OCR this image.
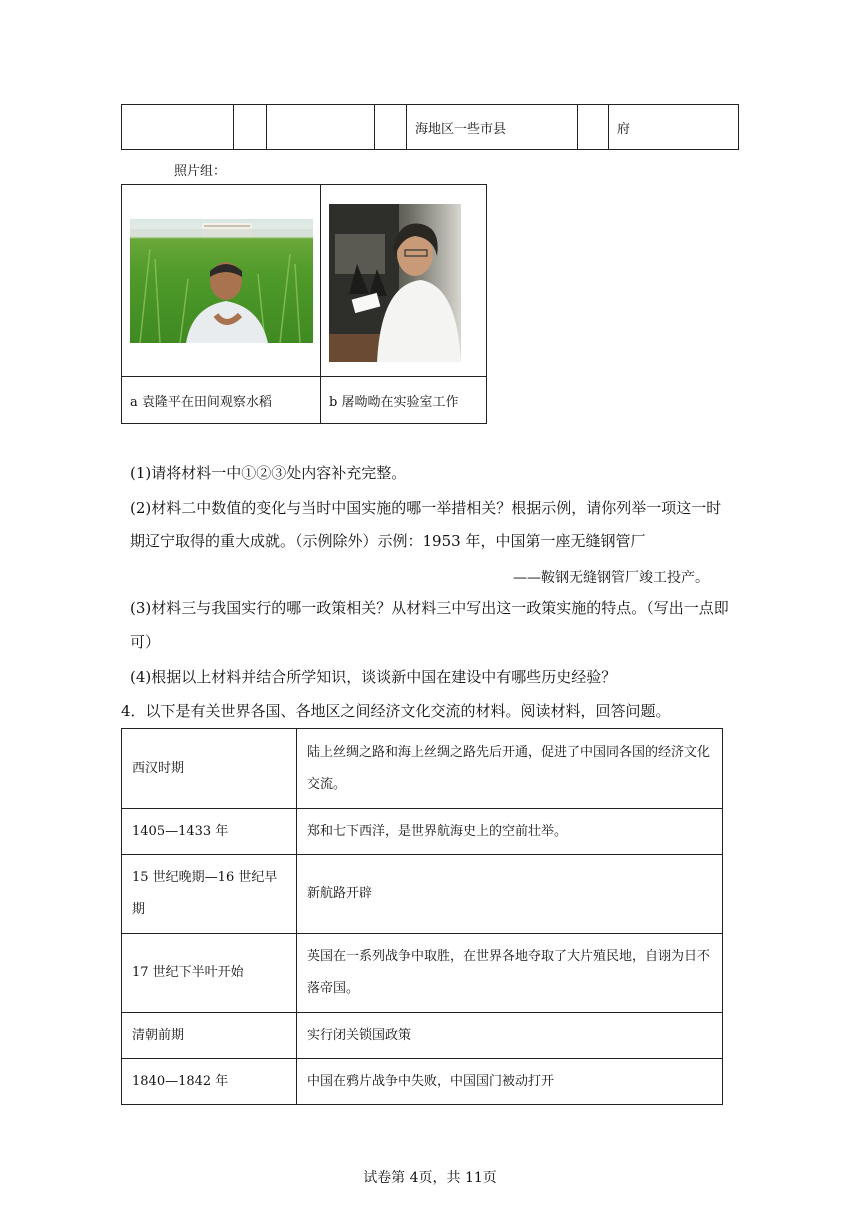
				海地区一些市县		府
照片组：

a 袁隆平在田间观察水稻	b 屠呦呦在实验室工作
(1)请将材料一中①②③处内容补充完整。
(2)材料二中数值的变化与当时中国实施的哪一举措相关？根据示例，请你列举一项这一时
期辽宁取得的重大成就。（示例除外）示例：1953 年，中国第一座无缝钢管厂
——鞍钢无缝钢管厂竣工投产。
(3)材料三与我国实行的哪一政策相关？从材料三中写出这一政策实施的特点。（写出一点即
可）
(4)根据以上材料并结合所学知识，谈谈新中国在建设中有哪些历史经验？
4．以下是有关世界各国、各地区之间经济文化交流的材料。阅读材料，回答问题。
西汉时期	陆上丝绸之路和海上丝绸之路先后开通，促进了中国同各国的经济文化交流。
1405—1433 年	郑和七下西洋，是世界航海史上的空前壮举。
15 世纪晚期—16 世纪早期	新航路开辟
17 世纪下半叶开始	英国在一系列战争中取胜，在世界各地夺取了大片殖民地，自诩为日不落帝国。
清朝前期	实行闭关锁国政策
1840—1842 年	中国在鸦片战争中失败，中国国门被动打开
试卷第 4页，共 11页
